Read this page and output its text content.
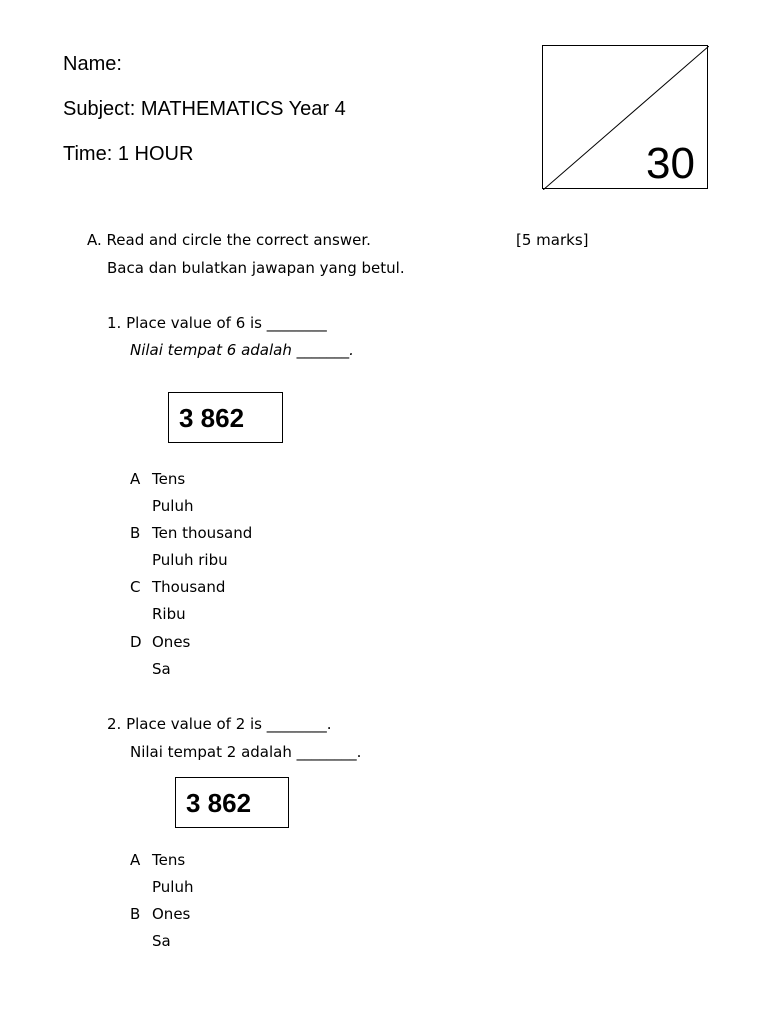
Name:
Subject: MATHEMATICS Year 4
Time: 1 HOUR	30
A. Read and circle the correct answer.	[5 marks]
Baca dan bulatkan jawapan yang betul.
1. Place value of 6 is ________
Nilai tempat 6 adalah _______.
3 862
A Tens
Puluh
B Ten thousand
Puluh ribu
C Thousand
Ribu
D Ones
Sa
2. Place value of 2 is ________.
Nilai tempat 2 adalah ________.
3 862
A Tens
Puluh
B Ones
Sa
